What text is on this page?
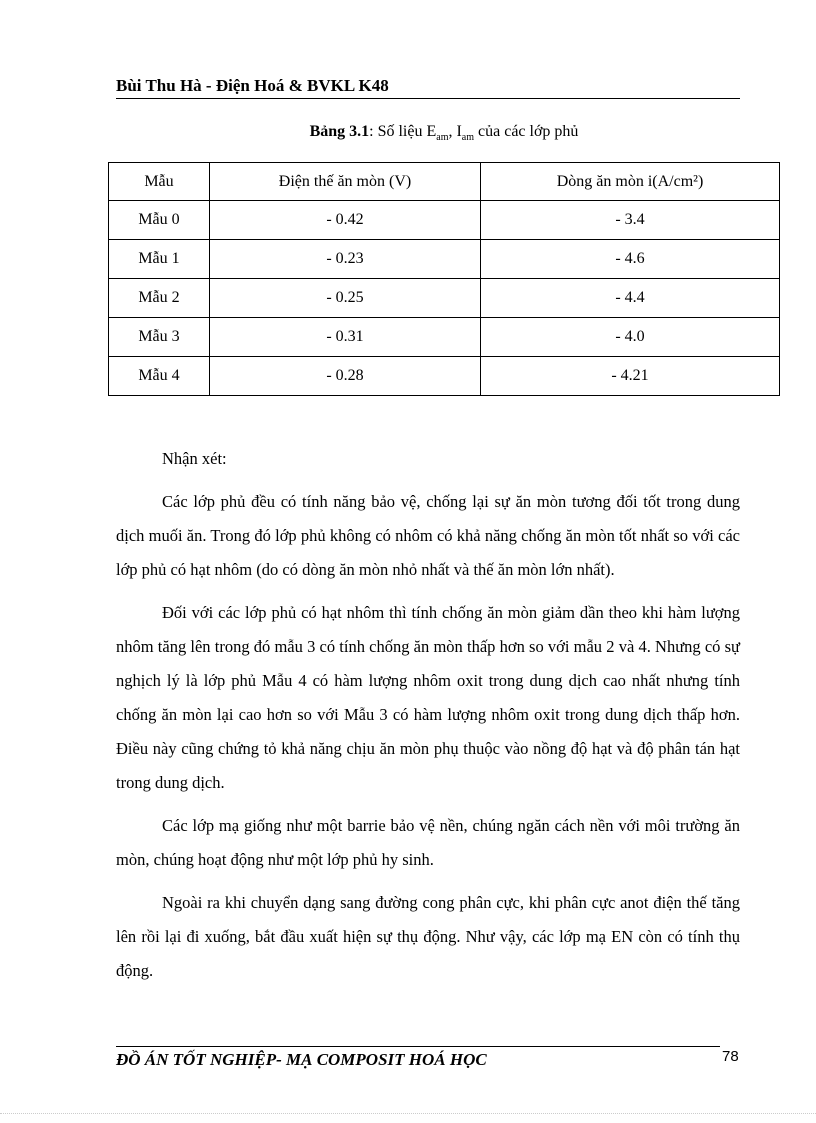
Bùi Thu Hà - Điện Hoá & BVKL K48
Bảng 3.1: Số liệu $E_{am}$, $I_{am}$ của các lớp phủ
Mẫu	Điện thế ăn mòn (V)	Dòng ăn mòn i(A/cm²)
Mẫu 0	- 0.42	- 3.4
Mẫu 1	- 0.23	- 4.6
Mẫu 2	- 0.25	- 4.4
Mẫu 3	- 0.31	- 4.0
Mẫu 4	- 0.28	- 4.21

Nhận xét:

Các lớp phủ đều có tính năng bảo vệ, chống lại sự ăn mòn tương đối tốt trong dung dịch muối ăn. Trong đó lớp phủ không có nhôm có khả năng chống ăn mòn tốt nhất so với các lớp phủ có hạt nhôm (do có dòng ăn mòn nhỏ nhất và thế ăn mòn lớn nhất).

Đối với các lớp phủ có hạt nhôm thì tính chống ăn mòn giảm dần theo khi hàm lượng nhôm tăng lên trong đó mẫu 3 có tính chống ăn mòn thấp hơn so với mẫu 2 và 4. Nhưng có sự nghịch lý là lớp phủ Mẫu 4 có hàm lượng nhôm oxit trong dung dịch cao nhất nhưng tính chống ăn mòn lại cao hơn so với Mẫu 3 có hàm lượng nhôm oxit trong dung dịch thấp hơn. Điều này cũng chứng tỏ khả năng chịu ăn mòn phụ thuộc vào nồng độ hạt và độ phân tán hạt trong dung dịch.

Các lớp mạ giống như một barrie bảo vệ nền, chúng ngăn cách nền với môi trường ăn mòn, chúng hoạt động như một lớp phủ hy sinh.

Ngoài ra khi chuyển dạng sang đường cong phân cực, khi phân cực anot điện thế tăng lên rồi lại đi xuống, bắt đầu xuất hiện sự thụ động. Như vậy, các lớp mạ EN còn có tính thụ động.

ĐỒ ÁN TỐT NGHIỆP- MẠ COMPOSIT HOÁ HỌC	78
